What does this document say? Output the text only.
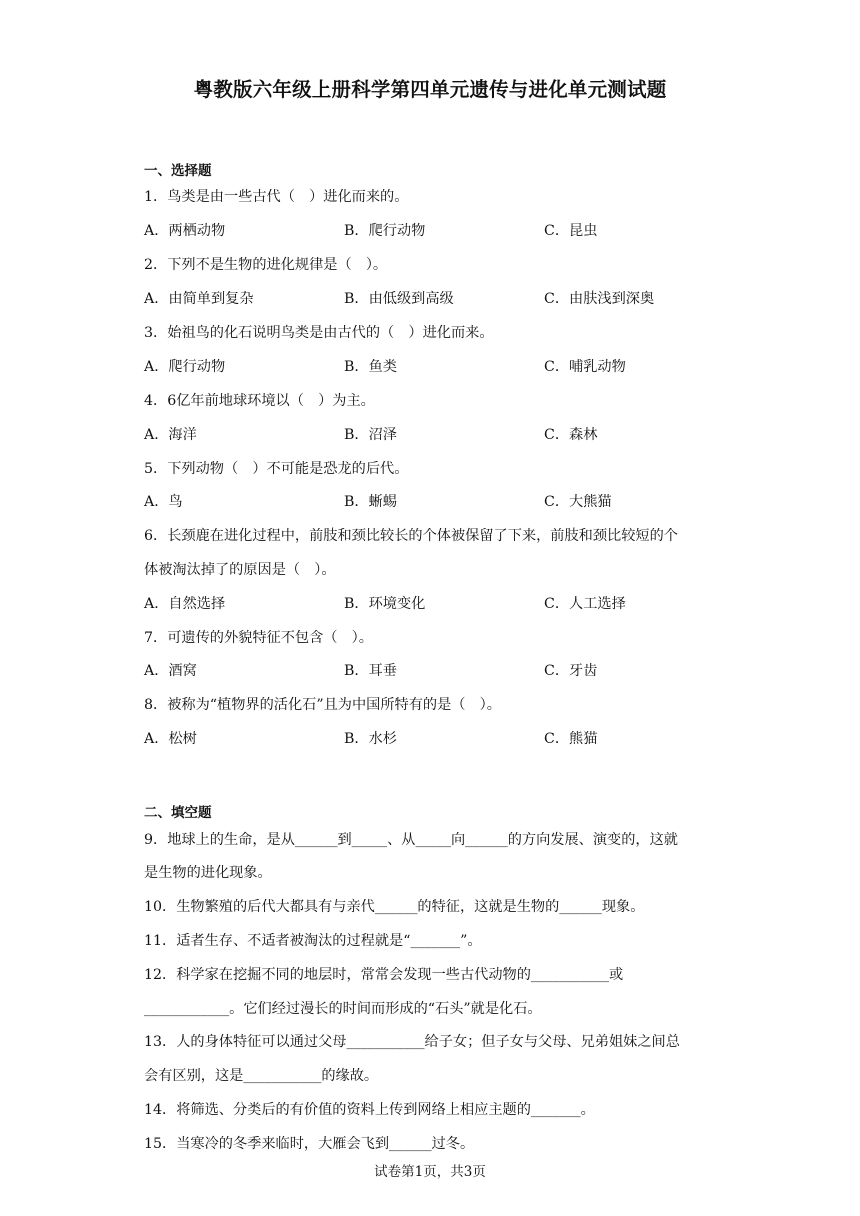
粤教版六年级上册科学第四单元遗传与进化单元测试题
一、选择题
1．鸟类是由一些古代（　）进化而来的。
A．两栖动物	B．爬行动物	C．昆虫
2．下列不是生物的进化规律是（　）。
A．由简单到复杂	B．由低级到高级	C．由肤浅到深奥
3．始祖鸟的化石说明鸟类是由古代的（　）进化而来。
A．爬行动物	B．鱼类	C．哺乳动物
4．6亿年前地球环境以（　）为主。
A．海洋	B．沼泽	C．森林
5．下列动物（　）不可能是恐龙的后代。
A．鸟	B．蜥蜴	C．大熊猫
6．长颈鹿在进化过程中，前肢和颈比较长的个体被保留了下来，前肢和颈比较短的个
体被淘汰掉了的原因是（　）。
A．自然选择	B．环境变化	C．人工选择
7．可遗传的外貌特征不包含（　）。
A．酒窝	B．耳垂	C．牙齿
8．被称为“植物界的活化石”且为中国所特有的是（　）。
A．松树	B．水杉	C．熊猫
二、填空题
9．地球上的生命，是从______到_____、从_____向______的方向发展、演变的，这就
是生物的进化现象。
10．生物繁殖的后代大都具有与亲代______的特征，这就是生物的______现象。
11．适者生存、不适者被淘汰的过程就是“_______”。
12．科学家在挖掘不同的地层时，常常会发现一些古代动物的___________或
____________。它们经过漫长的时间而形成的“石头”就是化石。
13．人的身体特征可以通过父母___________给子女；但子女与父母、兄弟姐妹之间总
会有区别，这是___________的缘故。
14．将筛选、分类后的有价值的资料上传到网络上相应主题的_______。
15．当寒冷的冬季来临时，大雁会飞到______过冬。
试卷第1页，共3页
